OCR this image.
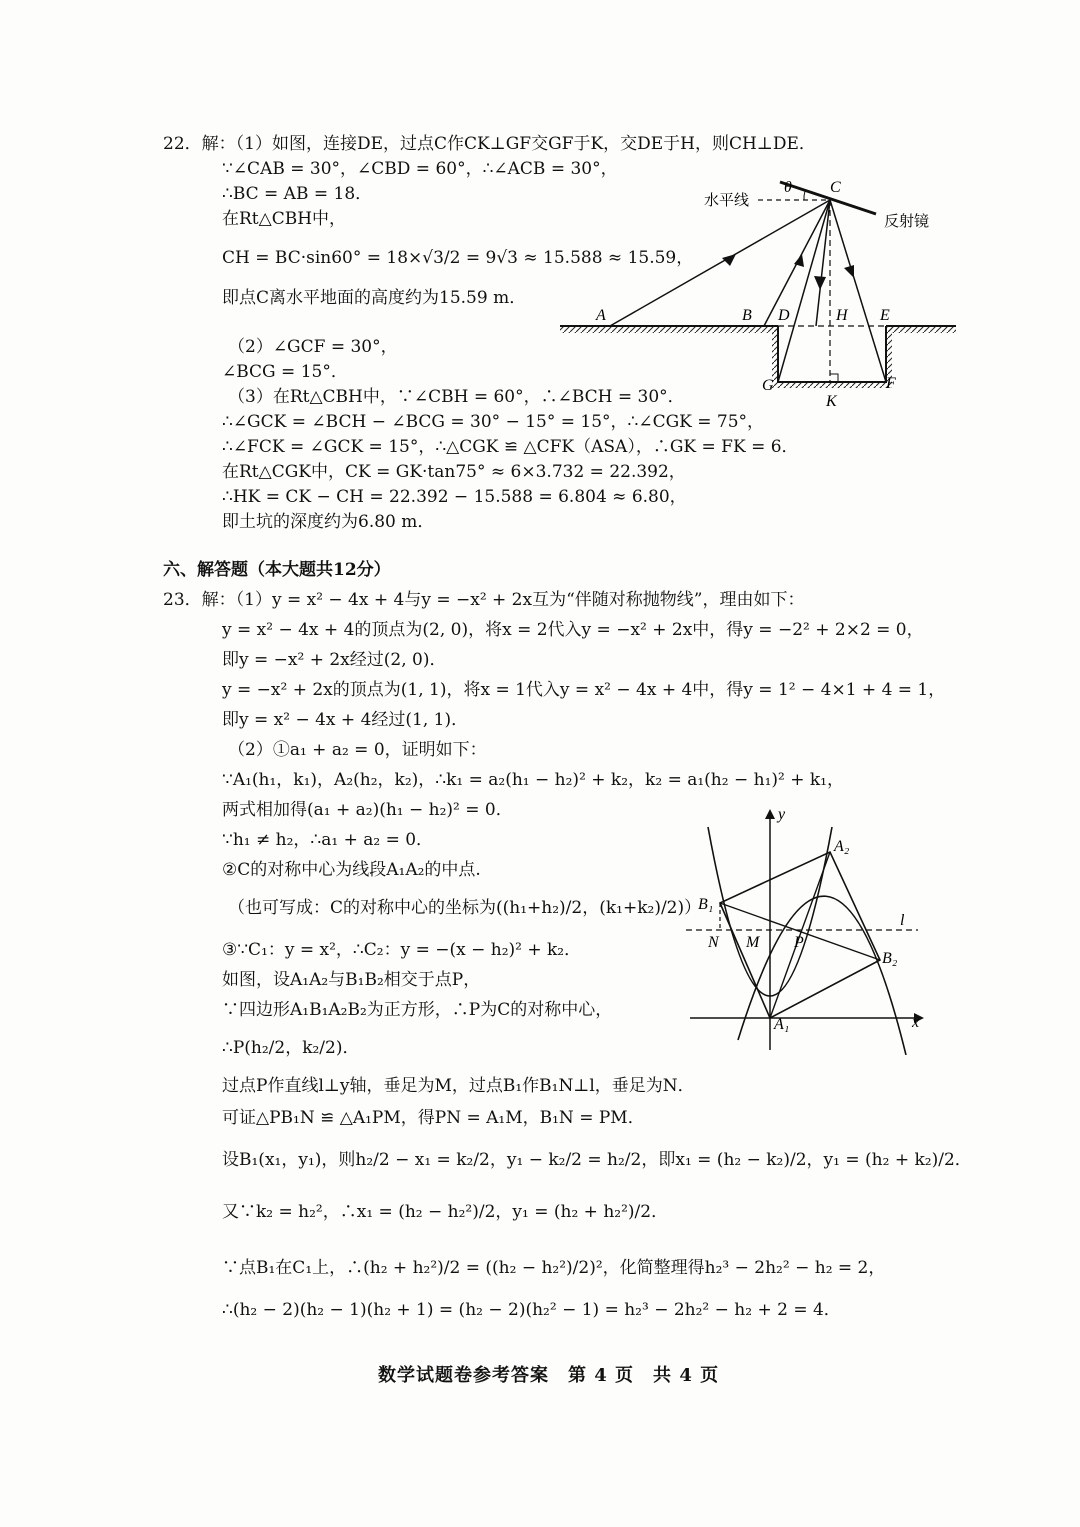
22．解：（1）如图，连接DE，过点C作CK⊥GF交GF于K，交DE于H，则CH⊥DE．
∵∠CAB = 30°，∠CBD = 60°，∴∠ACB = 30°，
∴BC = AB = 18．
在Rt△CBH中，
CH = BC·sin60° = 18×√3/2 = 9√3 ≈ 15.588 ≈ 15.59，
即点C离水平地面的高度约为15.59 m．
（2）∠GCF = 30°，
∠BCG = 15°．
（3）在Rt△CBH中，∵∠CBH = 60°，∴∠BCH = 30°．
∴∠GCK = ∠BCH − ∠BCG = 30° − 15° = 15°，∴∠CGK = 75°，
∴∠FCK = ∠GCK = 15°，∴△CGK ≌ △CFK（ASA），∴GK = FK = 6．
在Rt△CGK中，CK = GK·tan75° ≈ 6×3.732 = 22.392，
∴HK = CK − CH = 22.392 − 15.588 = 6.804 ≈ 6.80，
即土坑的深度约为6.80 m．
水平线
反射镜
θ C
A	B D	H E
G	F
K
六、解答题（本大题共12分）
23．解：（1）y = x² − 4x + 4与y = −x² + 2x互为“伴随对称抛物线”，理由如下：
y = x² − 4x + 4的顶点为(2, 0)，将x = 2代入y = −x² + 2x中，得y = −2² + 2×2 = 0，
即y = −x² + 2x经过(2, 0)．
y = −x² + 2x的顶点为(1, 1)，将x = 1代入y = x² − 4x + 4中，得y = 1² − 4×1 + 4 = 1，
即y = x² − 4x + 4经过(1, 1)．
（2）①a₁ + a₂ = 0，证明如下：
∵A₁(h₁，k₁)，A₂(h₂，k₂)，∴k₁ = a₂(h₁ − h₂)² + k₂，k₂ = a₁(h₂ − h₁)² + k₁，
两式相加得(a₁ + a₂)(h₁ − h₂)² = 0．
∵h₁ ≠ h₂，∴a₁ + a₂ = 0．
②C的对称中心为线段A₁A₂的中点.
（也可写成：C的对称中心的坐标为((h₁+h₂)/2，(k₁+k₂)/2)）
③∵C₁：y = x²，∴C₂：y = −(x − h₂)² + k₂．
如图，设A₁A₂与B₁B₂相交于点P，
∵四边形A₁B₁A₂B₂为正方形，∴P为C的对称中心，
∴P(h₂/2，k₂/2)．
过点P作直线l⊥y轴，垂足为M，过点B₁作B₁N⊥l，垂足为N．
可证△PB₁N ≌ △A₁PM，得PN = A₁M，B₁N = PM．
设B₁(x₁，y₁)，则h₂/2 − x₁ = k₂/2，y₁ − k₂/2 = h₂/2，即x₁ = (h₂ − k₂)/2，y₁ = (h₂ + k₂)/2．
又∵k₂ = h₂²，∴x₁ = (h₂ − h₂²)/2，y₁ = (h₂ + h₂²)/2．
∵点B₁在C₁上，∴(h₂ + h₂²)/2 = ((h₂ − h₂²)/2)²，化简整理得h₂³ − 2h₂² − h₂ = 2，
∴(h₂ − 2)(h₂ − 1)(h₂ + 1) = (h₂ − 2)(h₂² − 1) = h₂³ − 2h₂² − h₂ + 2 = 4．
y
x
l
A₂
B₁
B₂
A₁
N M P
数学试题卷参考答案　第 4 页　共 4 页
